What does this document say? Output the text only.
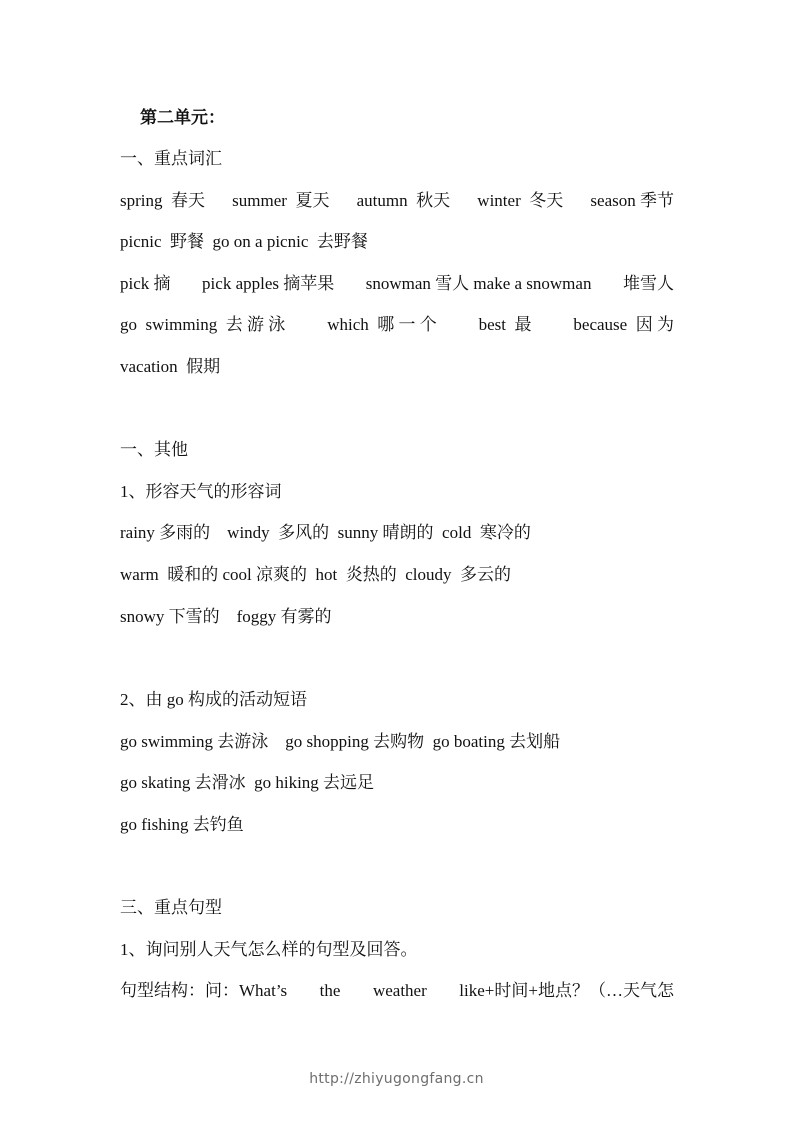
第二单元：
一、重点词汇
spring  春天 summer  夏天 autumn  秋天 winter  冬天 season 季节
picnic  野餐  go on a picnic  去野餐
pick 摘 pick apples 摘苹果 snowman 雪人 make a snowman 堆雪人
go  swimming  去 游 泳 which  哪 一 个 best  最 because  因 为
vacation  假期
一、其他
1、形容天气的形容词
rainy 多雨的    windy  多风的  sunny 晴朗的  cold  寒冷的
warm  暖和的 cool 凉爽的  hot  炎热的  cloudy  多云的
snowy 下雪的    foggy 有雾的
2、由 go 构成的活动短语
go swimming 去游泳    go shopping 去购物  go boating 去划船
go skating 去滑冰  go hiking 去远足
go fishing 去钓鱼
三、重点句型
1、询问别人天气怎么样的句型及回答。
句型结构：问：What’s the weather like+时间+地点？（…天气怎
http://zhiyugongfang.cn
